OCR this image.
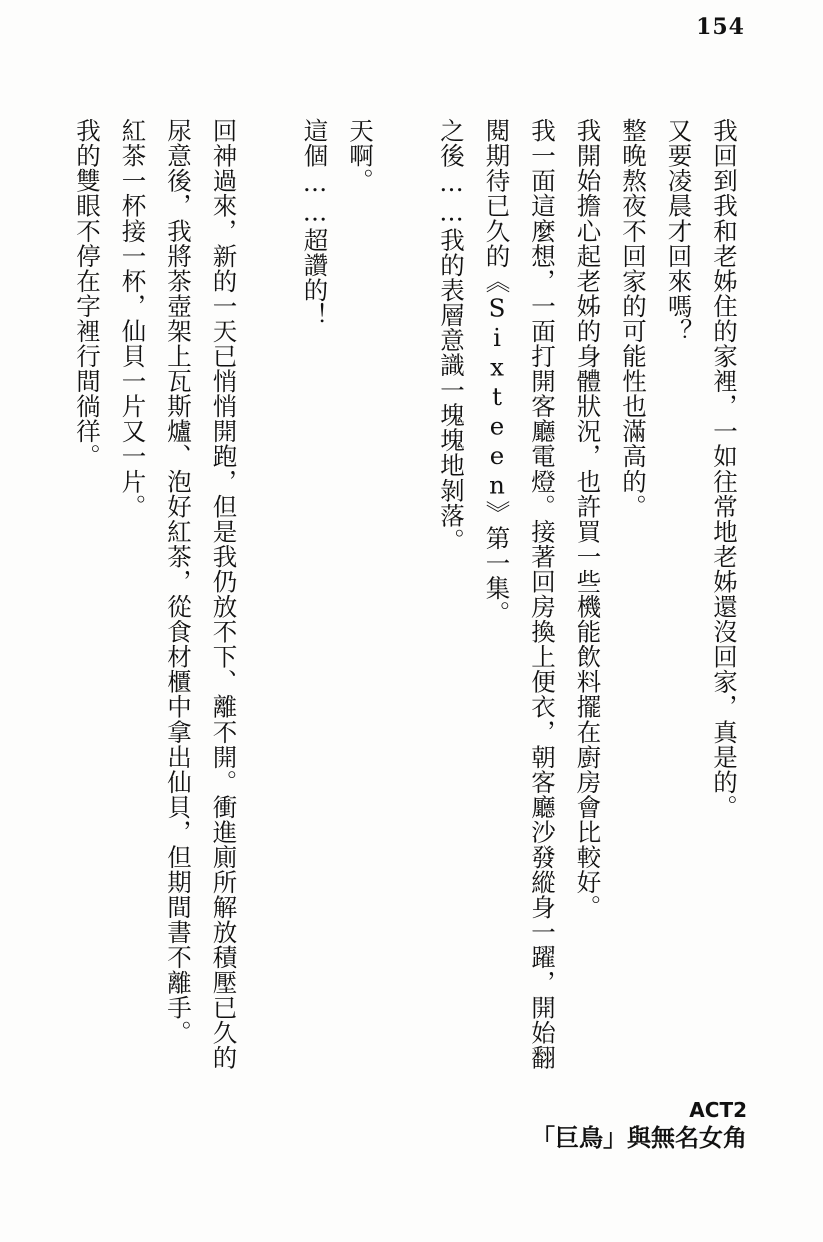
154

我回到我和老姊住的家裡，一如往常地老姊還沒回家，真是的。

又要凌晨才回來嗎？

整晚熬夜不回家的可能性也滿高的。

我開始擔心起老姊的身體狀況，也許買一些機能飲料擺在廚房會比較好。

我一面這麼想，一面打開客廳電燈。接著回房換上便衣，朝客廳沙發縱身一躍，開始翻閱期待已久的《Sixteen》第一集。

之後……我的表層意識一塊塊地剝落。

天啊。

這個……超讚的！

回神過來，新的一天已悄悄開跑，但是我仍放不下、離不開。衝進廁所解放積壓已久的尿意後，我將茶壺架上瓦斯爐、泡好紅茶，從食材櫃中拿出仙貝，但期間書不離手。

紅茶一杯接一杯，仙貝一片又一片。

我的雙眼不停在字裡行間徜徉。

ACT2
「巨鳥」與無名女角
